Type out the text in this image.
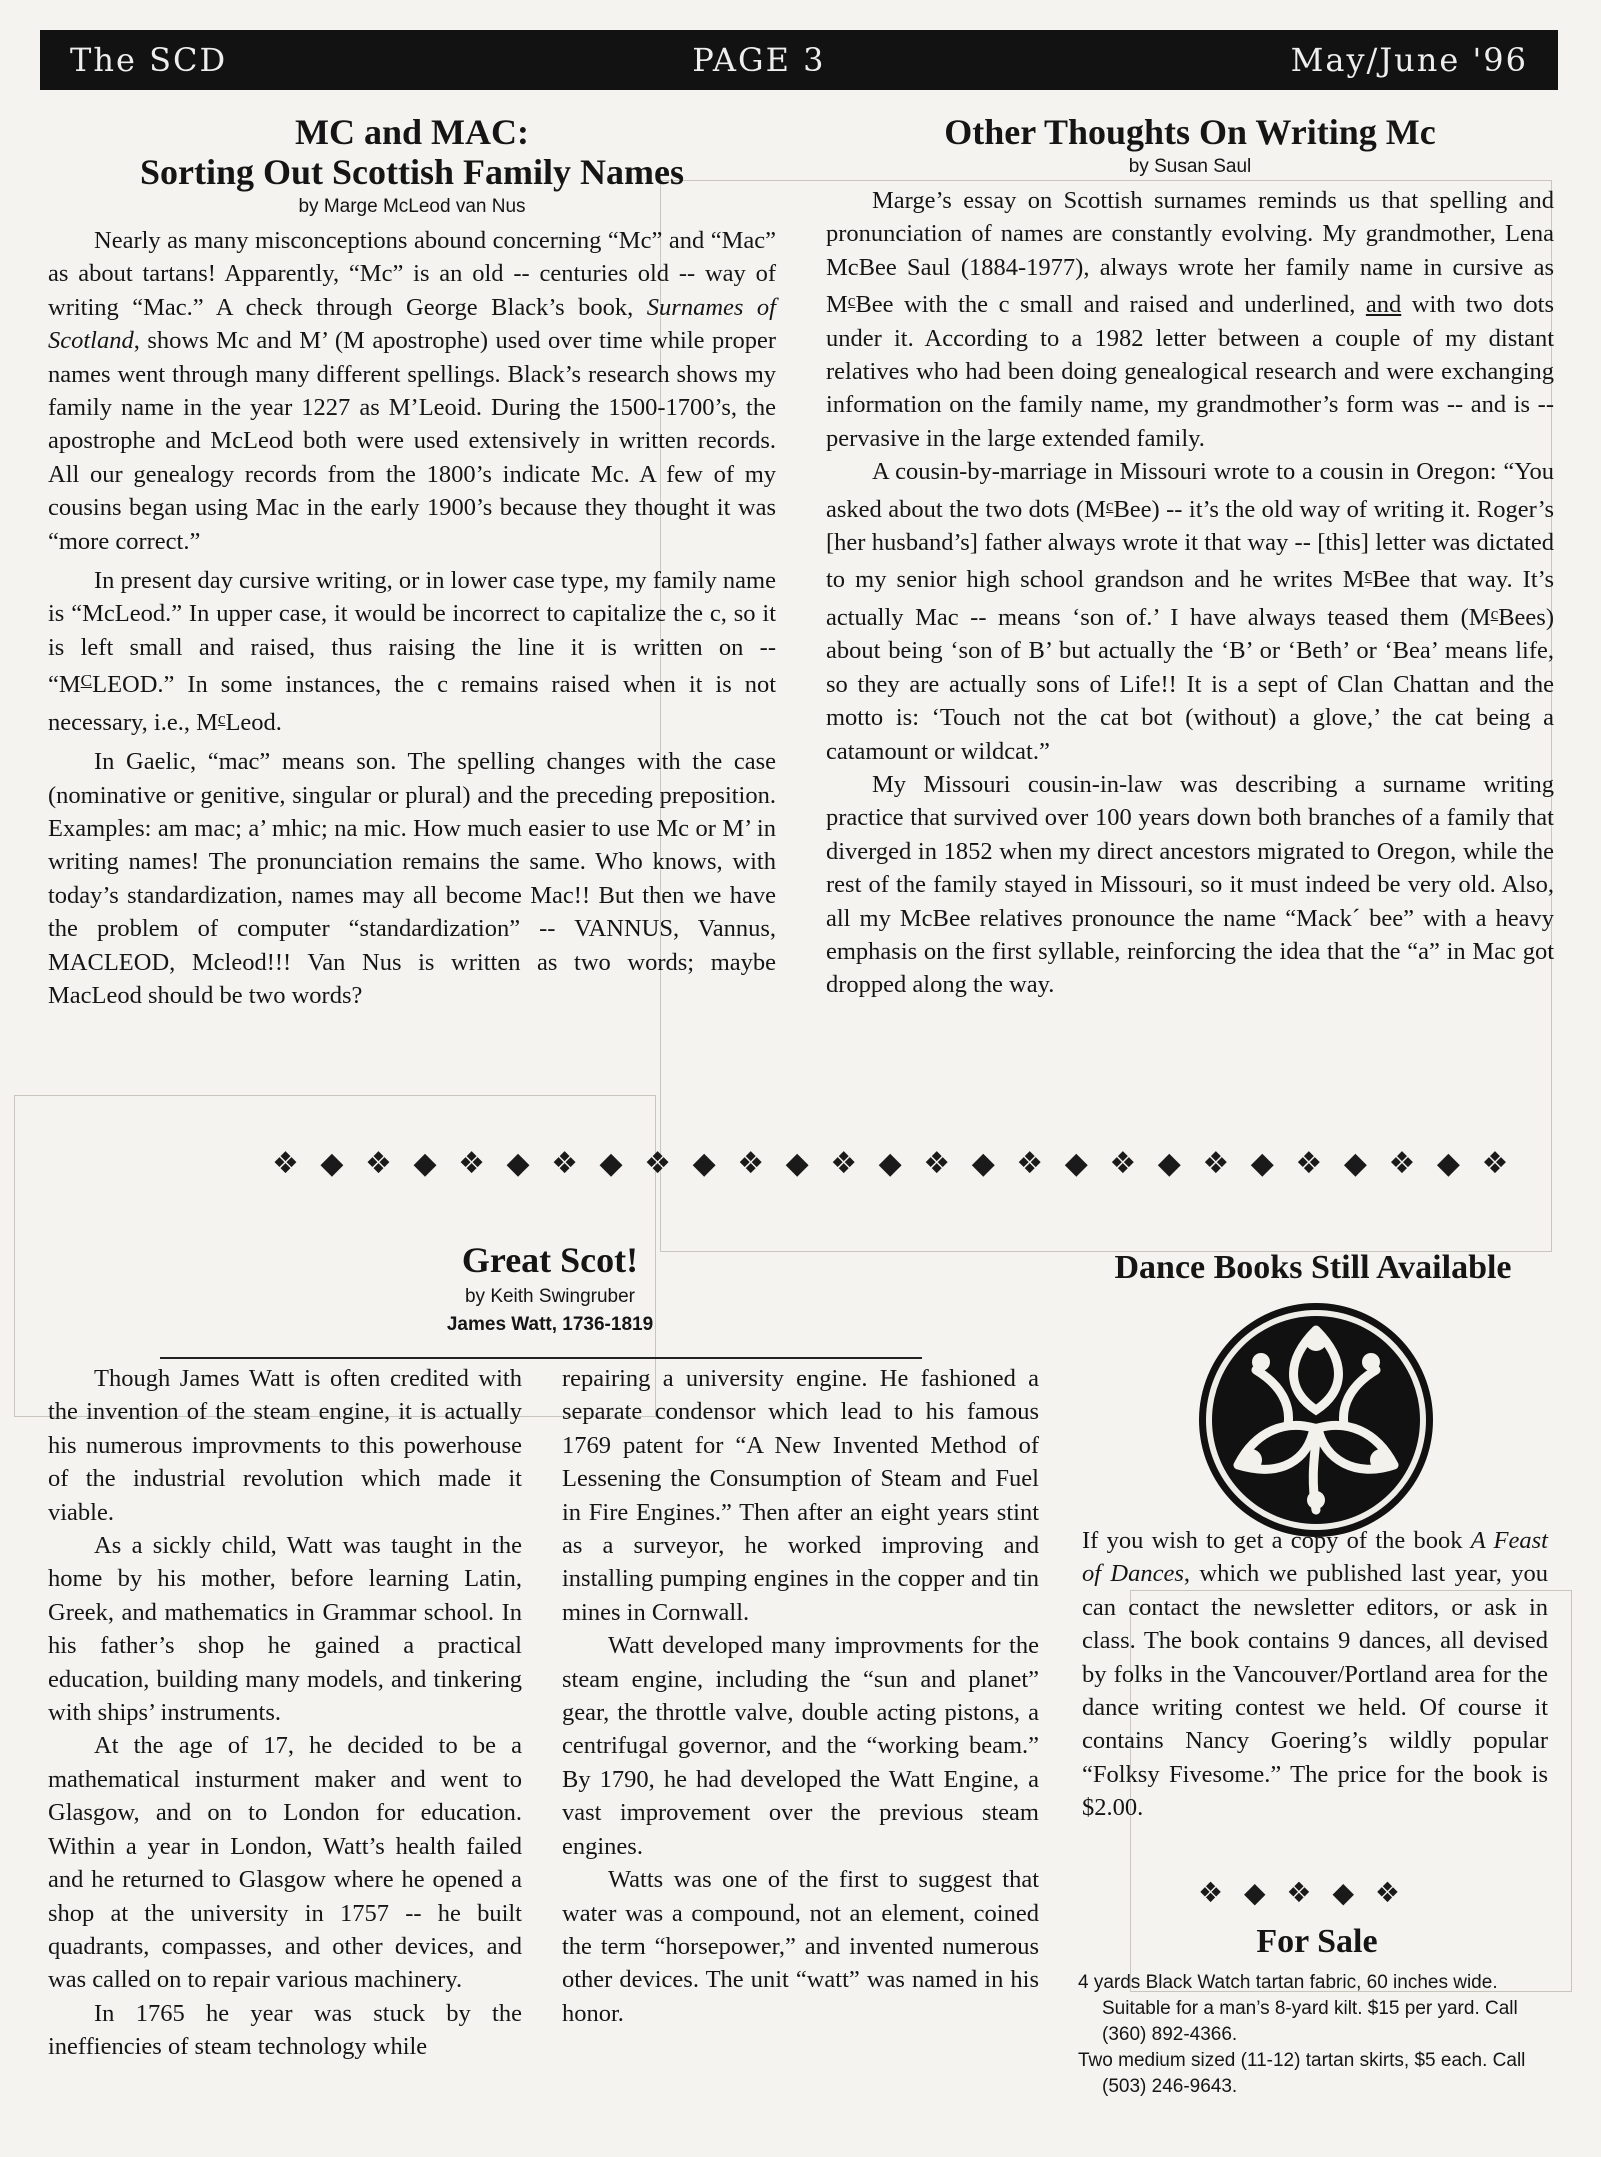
The SCD	PAGE 3	May/June '96
MC and MAC:
Sorting Out Scottish Family Names
by Marge McLeod van Nus

Nearly as many misconceptions abound concerning “Mc” and “Mac” as about tartans! Apparently, “Mc” is an old -- centuries old -- way of writing “Mac.” A check through George Black’s book, Surnames of Scotland, shows Mc and M’ (M apostrophe) used over time while proper names went through many different spellings. Black’s research shows my family name in the year 1227 as M’Leoid. During the 1500-1700’s, the apostrophe and McLeod both were used extensively in written records. All our genealogy records from the 1800’s indicate Mc. A few of my cousins began using Mac in the early 1900’s because they thought it was “more correct.”

In present day cursive writing, or in lower case type, my family name is “McLeod.” In upper case, it would be incorrect to capitalize the c, so it is left small and raised, thus raising the line it is written on -- “$M^CLEOD$.” In some instances, the c remains raised when it is not necessary, i.e., $M^cLeod$.

In Gaelic, “mac” means son. The spelling changes with the case (nominative or genitive, singular or plural) and the preceding preposition. Examples: am mac; a’ mhic; na mic. How much easier to use Mc or M’ in writing names! The pronunciation remains the same. Who knows, with today’s standardization, names may all become Mac!! But then we have the problem of computer “standardization” -- VANNUS, Vannus, MACLEOD, Mcleod!!! Van Nus is written as two words; maybe MacLeod should be two words?

Other Thoughts On Writing Mc
by Susan Saul

Marge’s essay on Scottish surnames reminds us that spelling and pronunciation of names are constantly evolving. My grandmother, Lena McBee Saul (1884-1977), always wrote her family name in cursive as $M^cBee$ with the c small and raised and underlined, and with two dots under it. According to a 1982 letter between a couple of my distant relatives who had been doing genealogical research and were exchanging information on the family name, my grandmother’s form was -- and is -- pervasive in the large extended family.

A cousin-by-marriage in Missouri wrote to a cousin in Oregon: “You asked about the two dots $(M^cBee)$ -- it’s the old way of writing it. Roger’s [her husband’s] father always wrote it that way -- [this] letter was dictated to my senior high school grandson and he writes $M^cBee$ that way. It’s actually Mac -- means ‘son of.’ I have always teased them $(M^cBees)$ about being ‘son of B’ but actually the ‘B’ or ‘Beth’ or ‘Bea’ means life, so they are actually sons of Life!! It is a sept of Clan Chattan and the motto is: ‘Touch not the cat bot (without) a glove,’ the cat being a catamount or wildcat.”

My Missouri cousin-in-law was describing a surname writing practice that survived over 100 years down both branches of a family that diverged in 1852 when my direct ancestors migrated to Oregon, while the rest of the family stayed in Missouri, so it must indeed be very old. Also, all my McBee relatives pronounce the name “Mack´ bee” with a heavy emphasis on the first syllable, reinforcing the idea that the “a” in Mac got dropped along the way.

❖ ◆ ❖ ◆ ❖ ◆ ❖ ◆ ❖ ◆ ❖ ◆ ❖ ◆ ❖ ◆ ❖ ◆ ❖ ◆ ❖ ◆ ❖ ◆ ❖ ◆ ❖
Great Scot!
by Keith Swingruber
James Watt, 1736-1819

Though James Watt is often credited with the invention of the steam engine, it is actually his numerous improvments to this powerhouse of the industrial revolution which made it viable.

As a sickly child, Watt was taught in the home by his mother, before learning Latin, Greek, and mathematics in Grammar school. In his father’s shop he gained a practical education, building many models, and tinkering with ships’ instruments.

At the age of 17, he decided to be a mathematical insturment maker and went to Glasgow, and on to London for education. Within a year in London, Watt’s health failed and he returned to Glasgow where he opened a shop at the university in 1757 -- he built quadrants, compasses, and other devices, and was called on to repair various machinery.

In 1765 he year was stuck by the ineffiencies of steam technology while

repairing a university engine. He fashioned a separate condensor which lead to his famous 1769 patent for “A New Invented Method of Lessening the Consumption of Steam and Fuel in Fire Engines.” Then after an eight years stint as a surveyor, he worked improving and installing pumping engines in the copper and tin mines in Cornwall.

Watt developed many improvments for the steam engine, including the “sun and planet” gear, the throttle valve, double acting pistons, a centrifugal governor, and the “working beam.” By 1790, he had developed the Watt Engine, a vast improvement over the previous steam engines.

Watts was one of the first to suggest that water was a compound, not an element, coined the term “horsepower,” and invented numerous other devices. The unit “watt” was named in his honor.

Dance Books Still Available

If you wish to get a copy of the book A Feast of Dances, which we published last year, you can contact the newsletter editors, or ask in class. The book contains 9 dances, all devised by folks in the Vancouver/Portland area for the dance writing contest we held. Of course it contains Nancy Goering’s wildly popular “Folksy Fivesome.” The price for the book is $2.00.

❖ ◆ ❖ ◆ ❖
For Sale

4 yards Black Watch tartan fabric, 60 inches wide. Suitable for a man’s 8-yard kilt. $15 per yard. Call (360) 892-4366.

Two medium sized (11-12) tartan skirts, $5 each. Call (503) 246-9643.
